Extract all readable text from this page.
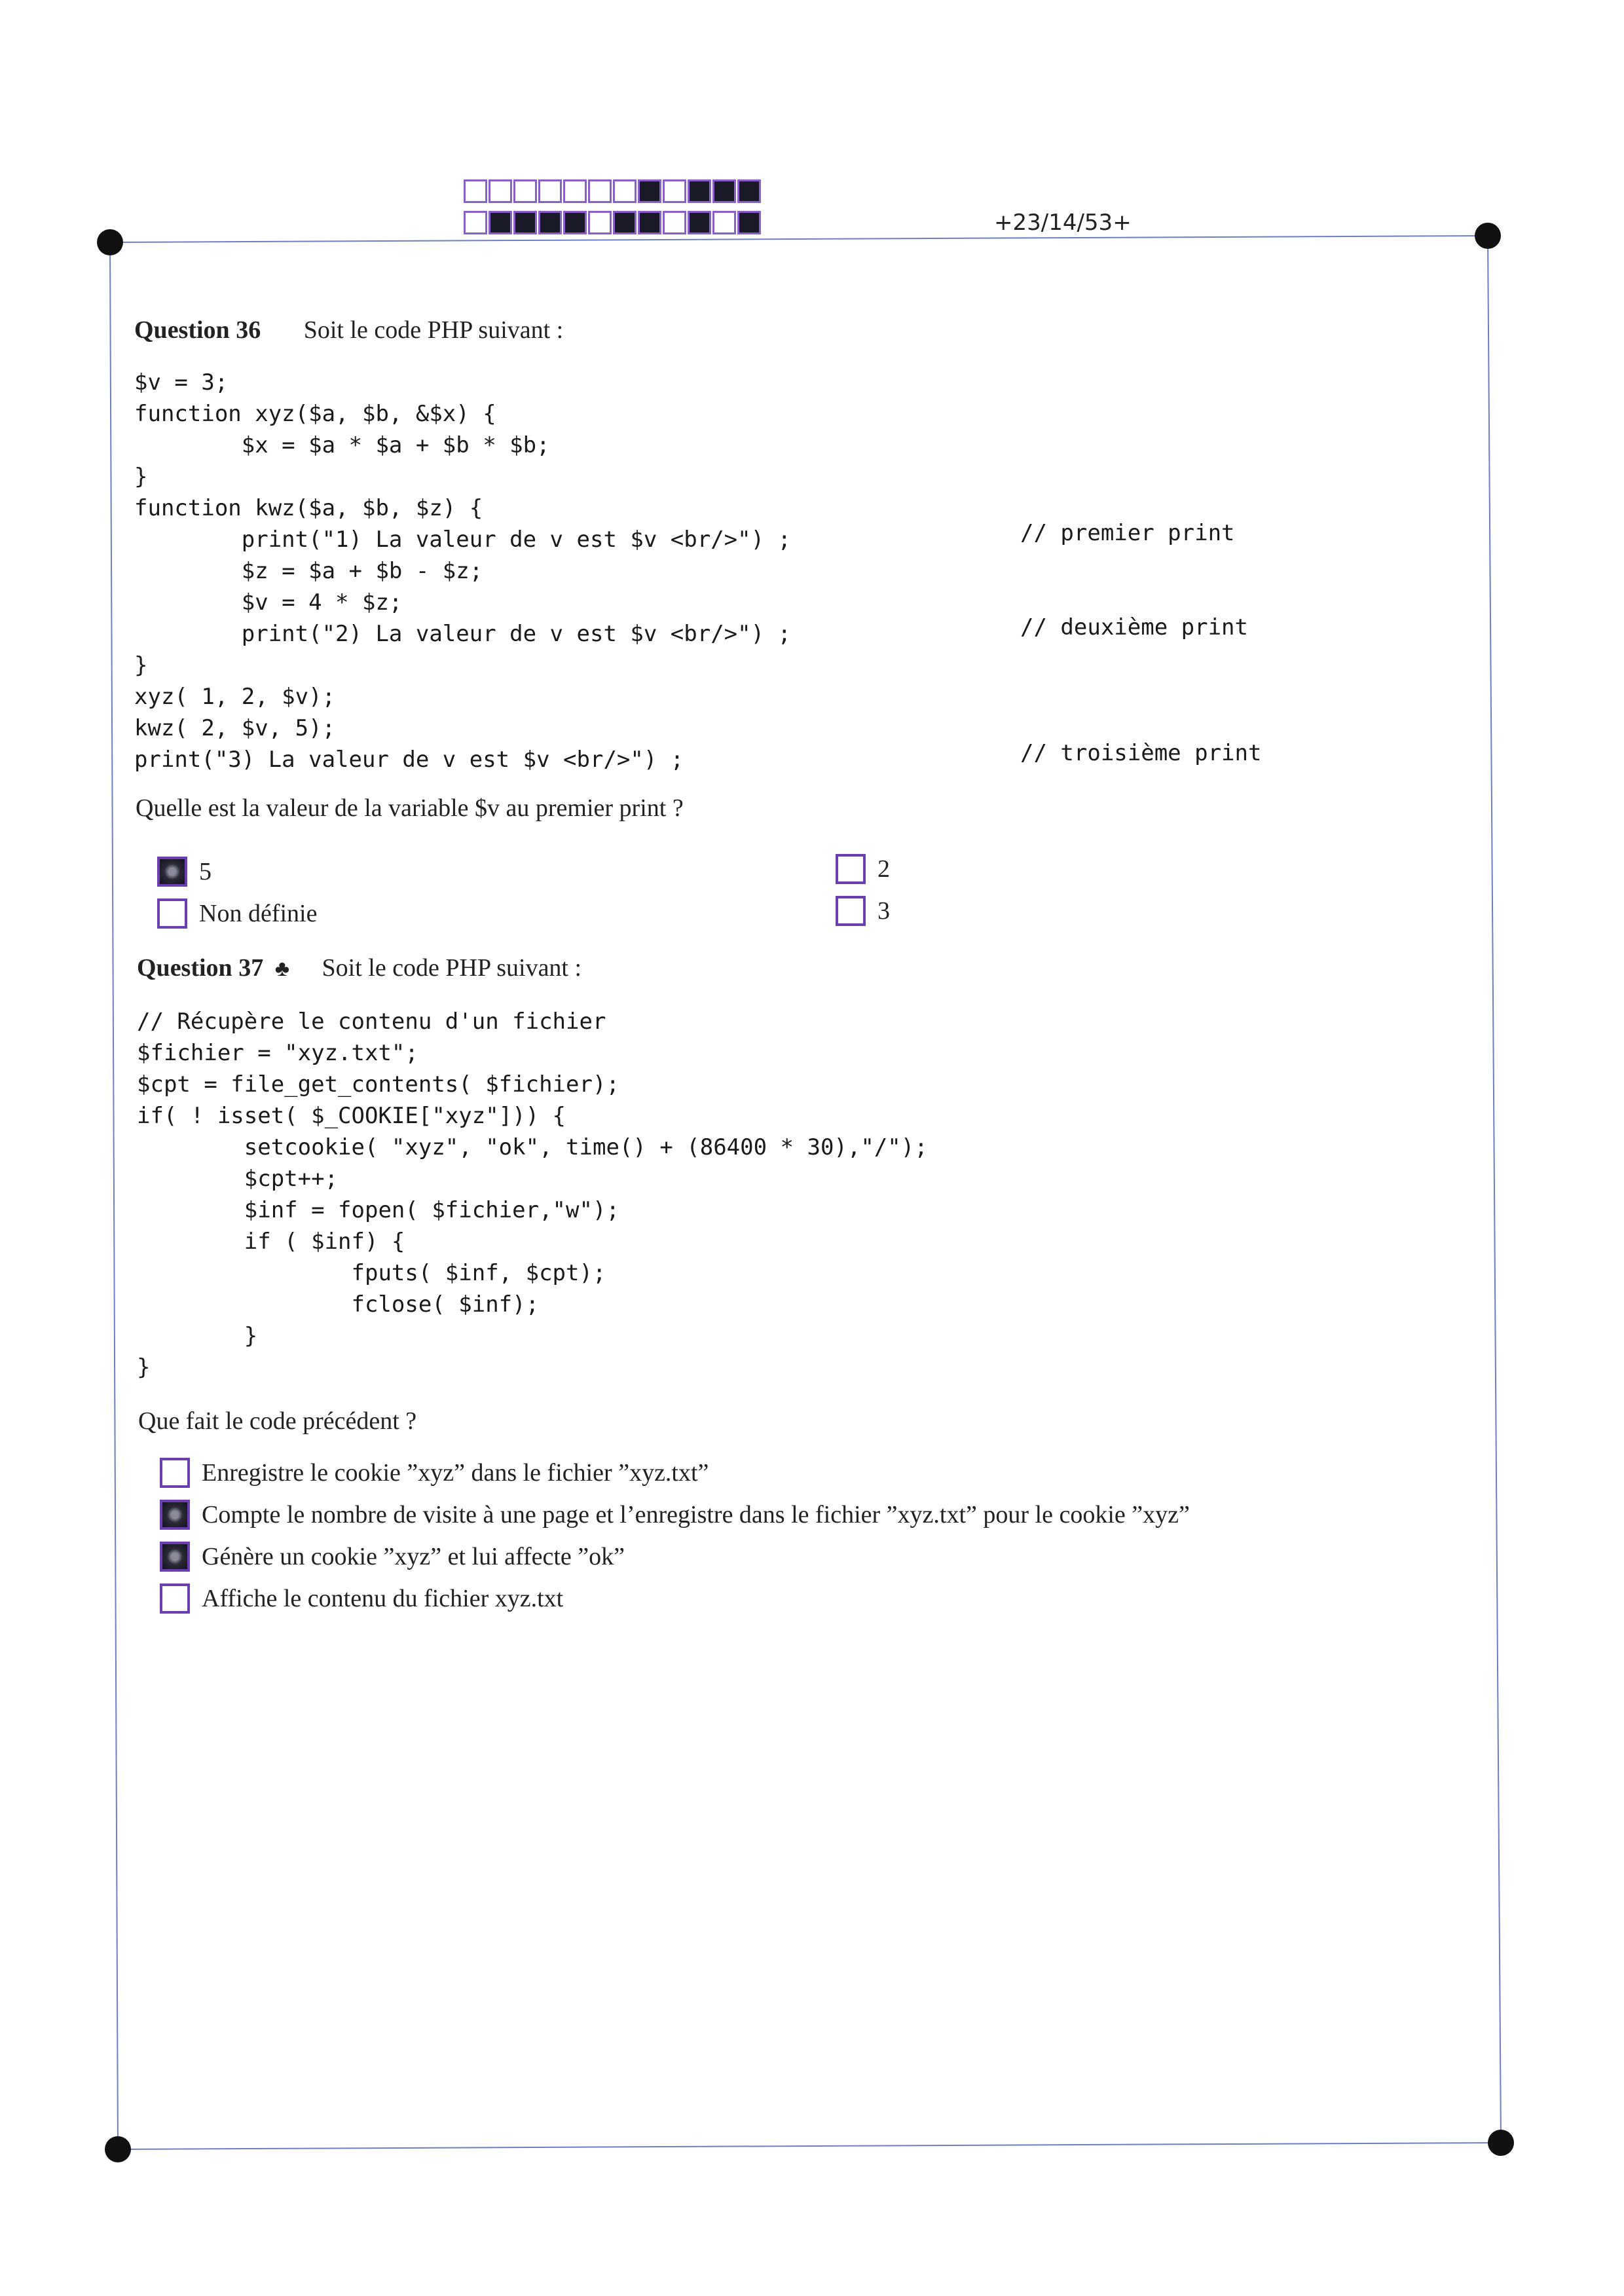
+23/14/53+
Question 36 Soit le code PHP suivant :
$v = 3;
function xyz($a, $b, &$x) {
$x = $a * $a + $b * $b;
}
function kwz($a, $b, $z) {
print("1) La valeur de v est $v <br/>") ;
$z = $a + $b - $z;
$v = 4 * $z;
print("2) La valeur de v est $v <br/>") ;
}
xyz( 1, 2, $v);
kwz( 2, $v, 5);
print("3) La valeur de v est $v <br/>") ;
// premier print
// deuxième print
// troisième print
Quelle est la valeur de la variable $v au premier print ?
5
Non définie
2
3
Question 37 ♣ Soit le code PHP suivant :
// Récupère le contenu d'un fichier
$fichier = "xyz.txt";
$cpt = file_get_contents( $fichier);
if( ! isset( $_COOKIE["xyz"])) {
setcookie( "xyz", "ok", time() + (86400 * 30),"/");
$cpt++;
$inf = fopen( $fichier,"w");
if ( $inf) {
fputs( $inf, $cpt);
fclose( $inf);
}
}
Que fait le code précédent ?
Enregistre le cookie ”xyz” dans le fichier ”xyz.txt”
Compte le nombre de visite à une page et l’enregistre dans le fichier ”xyz.txt” pour le cookie ”xyz”
Génère un cookie ”xyz” et lui affecte ”ok”
Affiche le contenu du fichier xyz.txt
